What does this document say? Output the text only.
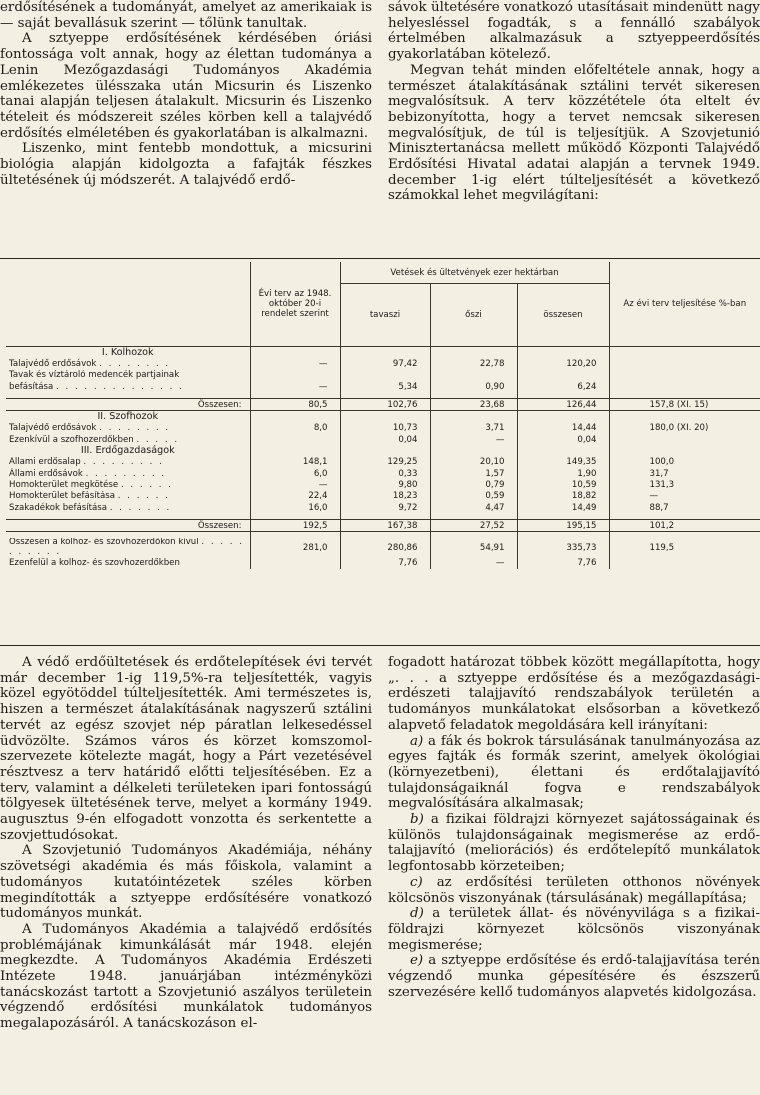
erdősítésének a tudományát, amelyet az amerikaiak is — saját bevallásuk szerint — tőlünk tanultak.

A sztyeppe erdősítésének kérdésében óriási fontossága volt annak, hogy az élettan tudományа a Lenin Mezőgazdasági Tudományos Akadémia emlékezetes ülésszaka után Micsurin és Liszenko tanai alapján teljesen átalakult. Micsurin és Liszenko tételeit és módszereit széles körben kell a talajvédő erdősítés elméletében és gyakorlatában is alkalmazni.

Liszenko, mint fentebb mondottuk, a micsurini biológia alapján kidolgozta a fafajták fészkes ültetésének új módszerét. A talajvédő erdő-

sávok ültetésére vonatkozó utasításait mindenütt nagy helyesléssel fogadták, s a fennálló szabályok értelmében alkalmazásuk a sztyeppeerdősítés gyakorlatában kötelező.

Megvan tehát minden előfeltétele annak, hogy a természet átalakításának sztálini tervét sikeresen megvalósítsuk. A terv közzététele óta eltelt év bebizonyította, hogy a tervet nemcsak sikeresen megvalósítjuk, de túl is teljesítjük. A Szovjetunió Minisztertanácsa mellett működő Központi Talajvédő Erdősítési Hivatal adatai alapján a tervnek 1949. december 1-ig elért túlteljesítését a következő számokkal lehet megvilágítani:

	Évi terv az 1948. október 20-i rendelet szerint	Vetések és ültetvények ezer hektárban			Az évi terv teljesítése %-ban
		tavaszi	őszi	összesen	
I. Kolhozok					
Talajvédő erdősávok . . . . . . . .	—	97,42	22,78	120,20	
Tavak és víztároló medencék partjainak					
befásítása . . . . . . . . . . . . . .	—	5,34	0,90	6,24	

Összesen:	80,5	102,76	23,68	126,44	157,8 (XI. 15)
II. Szofhozok					
Talajvédő erdősávok . . . . . . . .	8,0	10,73	3,71	14,44	180,0 (XI. 20)
Ezenkívül a szofhozerdőkben . . . . .		0,04	—	0,04	
III. Erdőgazdaságok					
Állami erdősalap . . . . . . . . .	148,1	129,25	20,10	149,35	100,0
Állami erdősávok . . . . . . . . .	6,0	0,33	1,57	1,90	31,7
Homokterület megkötése . . . . . .	—	9,80	0,79	10,59	131,3
Homokterület befásítása . . . . . .	22,4	18,23	0,59	18,82	—
Szakadékok befásítása . . . . . . .	16,0	9,72	4,47	14,49	88,7

Összesen:	192,5	167,38	27,52	195,15	101,2

Összesen a kolhoz- és szovhozerdőkön kívül . . . . . . . . . . .	281,0	280,86	54,91	335,73	119,5
Ezenfelül a kolhoz- és szovhozerdőkben		7,76	—	7,76	

A védő erdőültetések és erdőtelepítések évi tervét már december 1-ig 119,5%-ra teljesítették, vagyis közel egyötöddel túlteljesítették. Ami természetes is, hiszen a természet átalakításának nagyszerű sztálini tervét az egész szovjet nép páratlan lelkesedéssel üdvözölte. Számos város és körzet komszomol-szervezete kötelezte magát, hogy a Párt vezetésével résztvesz a terv határidő előtti teljesítésében. Ez a terv, valamint a délkeleti területeken ipari fontosságú tölgyesek ültetésének terve, melyet a kormány 1949. augusztus 9-én elfogadott vonzotta és serkentette a szovjettudósokat.

A Szovjetunió Tudományos Akadémiája, néhány szövetségi akadémia és más főiskola, valamint a tudományos kutatóintézetek széles körben megindították a sztyeppe erdősítésére vonatkozó tudományos munkát.

A Tudományos Akadémia a talajvédő erdősítés problémájának kimunkálását már 1948. elején megkezdte. A Tudományos Akadémia Erdészeti Intézete 1948. januárjában intézményközi tanácskozást tartott a Szovjetunió aszályos területein végzendő erdősítési munkálatok tudományos megalapozásáról. A tanácskozáson el-

fogadott határozat többek között megállapította, hogy „. . . a sztyeppe erdősítése és a mezőgazdasági-erdészeti talajjavító rendszabályok területén a tudományos munkálatokat elsősorban a következő alapvető feladatok megoldására kell irányítani:

a) a fák és bokrok társulásának tanulmányozása az egyes fajták és formák szerint, amelyek ökológiai (környezetbeni), élettani és erdőtalajjavító tulajdonságaiknál fogva e rendszabályok megvalósítására alkalmasak;

b) a fizikai földrajzi környezet sajátosságainak és különös tulajdonságainak megismerése az erdő-talajjavító (meliorációs) és erdőtelepítő munkálatok legfontosabb körzeteiben;

c) az erdősítési területen otthonos növények kölcsönös viszonyának (társulásának) megállapítása;

d) a területek állat- és növényvilága s a fizikai-földrajzi környezet kölcsönös viszonyának megismerése;

e) a sztyeppe erdősítése és erdő-talajjavítása terén végzendő munka gépesítésére és észszerű szervezésére kellő tudományos alapvetés kidolgozása.
